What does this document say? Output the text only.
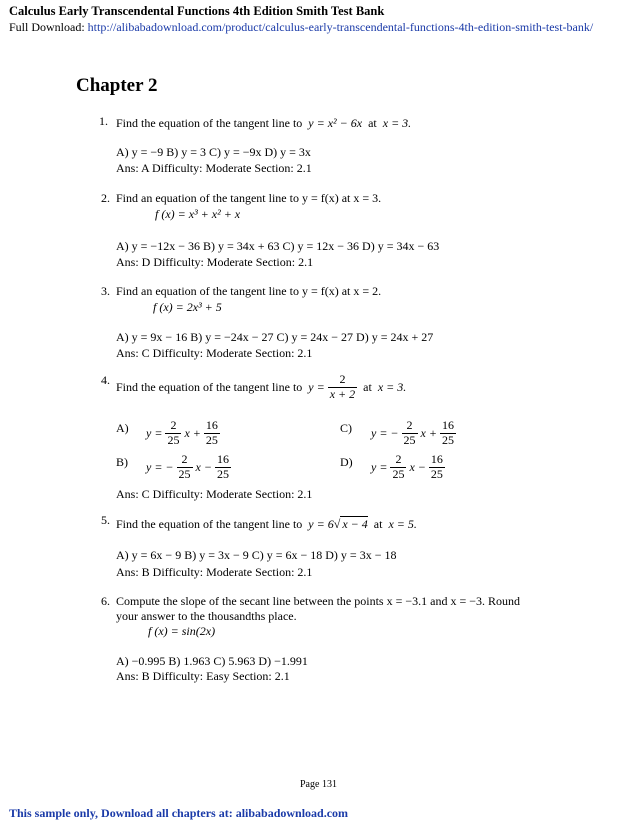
Calculus Early Transcendental Functions 4th Edition Smith Test Bank
Full Download: http://alibabadownload.com/product/calculus-early-transcendental-functions-4th-edition-smith-test-bank/
Chapter 2
1. Find the equation of the tangent line to y = x² − 6x at x = 3.
A) y = −9 B) y = 3 C) y = −9x D) y = 3x
Ans: A Difficulty: Moderate Section: 2.1
2. Find an equation of the tangent line to y = f(x) at x = 3.
f (x) = x³ + x² + x
A) y = −12x − 36 B) y = 34x + 63 C) y = 12x − 36 D) y = 34x − 63
Ans: D Difficulty: Moderate Section: 2.1
3. Find an equation of the tangent line to y = f(x) at x = 2.
f (x) = 2x³ + 5
A) y = 9x − 16 B) y = −24x − 27 C) y = 24x − 27 D) y = 24x + 27
Ans: C Difficulty: Moderate Section: 2.1
4. Find the equation of the tangent line to $y = \frac{2}{x + 2}$ at x = 3.
A) $y = \frac{2}{25}$ $x + \frac{16}{25}$	C) y = − $\frac{2}{25}$ $x + \frac{16}{25}$
B) y = − $\frac{2}{25}$ $x - \frac{16}{25}$	D) $y = \frac{2}{25}$ $x - \frac{16}{25}$
Ans: C Difficulty: Moderate Section: 2.1
5. Find the equation of the tangent line to y = 6√ x − 4 at x = 5.
A) y = 6x − 9 B) y = 3x − 9 C) y = 6x − 18 D) y = 3x − 18
Ans: B Difficulty: Moderate Section: 2.1
6. Compute the slope of the secant line between the points x = −3.1 and x = −3. Round
your answer to the thousandths place.
f (x) = sin(2x)
A) −0.995 B) 1.963 C) 5.963 D) −1.991
Ans: B Difficulty: Easy Section: 2.1
Page 131
This sample only, Download all chapters at: alibabadownload.com
